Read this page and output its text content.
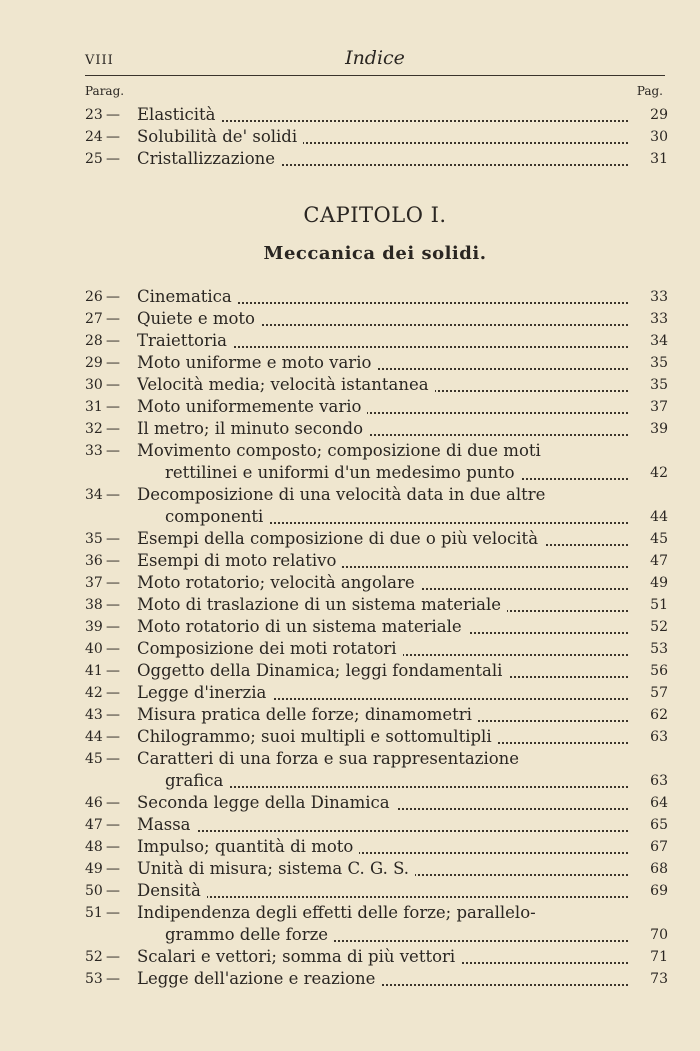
VIII	Indice
Parag.	Pag.
23 — Elasticità	29
24 — Solubilità de' solidi	30
25 — Cristallizzazione	31
CAPITOLO I.
Meccanica dei solidi.
26 — Cinematica	33
27 — Quiete e moto	33
28 — Traiettoria	34
29 — Moto uniforme e moto vario	35
30 — Velocità media; velocità istantanea	35
31 — Moto uniformemente vario	37
32 — Il metro; il minuto secondo	39
33 — Movimento composto; composizione di due moti
rettilinei e uniformi d'un medesimo punto	42
34 — Decomposizione di una velocità data in due altre
componenti	44
35 — Esempi della composizione di due o più velocità	45
36 — Esempi di moto relativo	47
37 — Moto rotatorio; velocità angolare	49
38 — Moto di traslazione di un sistema materiale	51
39 — Moto rotatorio di un sistema materiale	52
40 — Composizione dei moti rotatori	53
41 — Oggetto della Dinamica; leggi fondamentali	56
42 — Legge d'inerzia	57
43 — Misura pratica delle forze; dinamometri	62
44 — Chilogrammo; suoi multipli e sottomultipli	63
45 — Caratteri di una forza e sua rappresentazione
grafica	63
46 — Seconda legge della Dinamica	64
47 — Massa	65
48 — Impulso; quantità di moto	67
49 — Unità di misura; sistema C. G. S.	68
50 — Densità	69
51 — Indipendenza degli effetti delle forze; parallelo-
grammo delle forze	70
52 — Scalari e vettori; somma di più vettori	71
53 — Legge dell'azione e reazione	73
